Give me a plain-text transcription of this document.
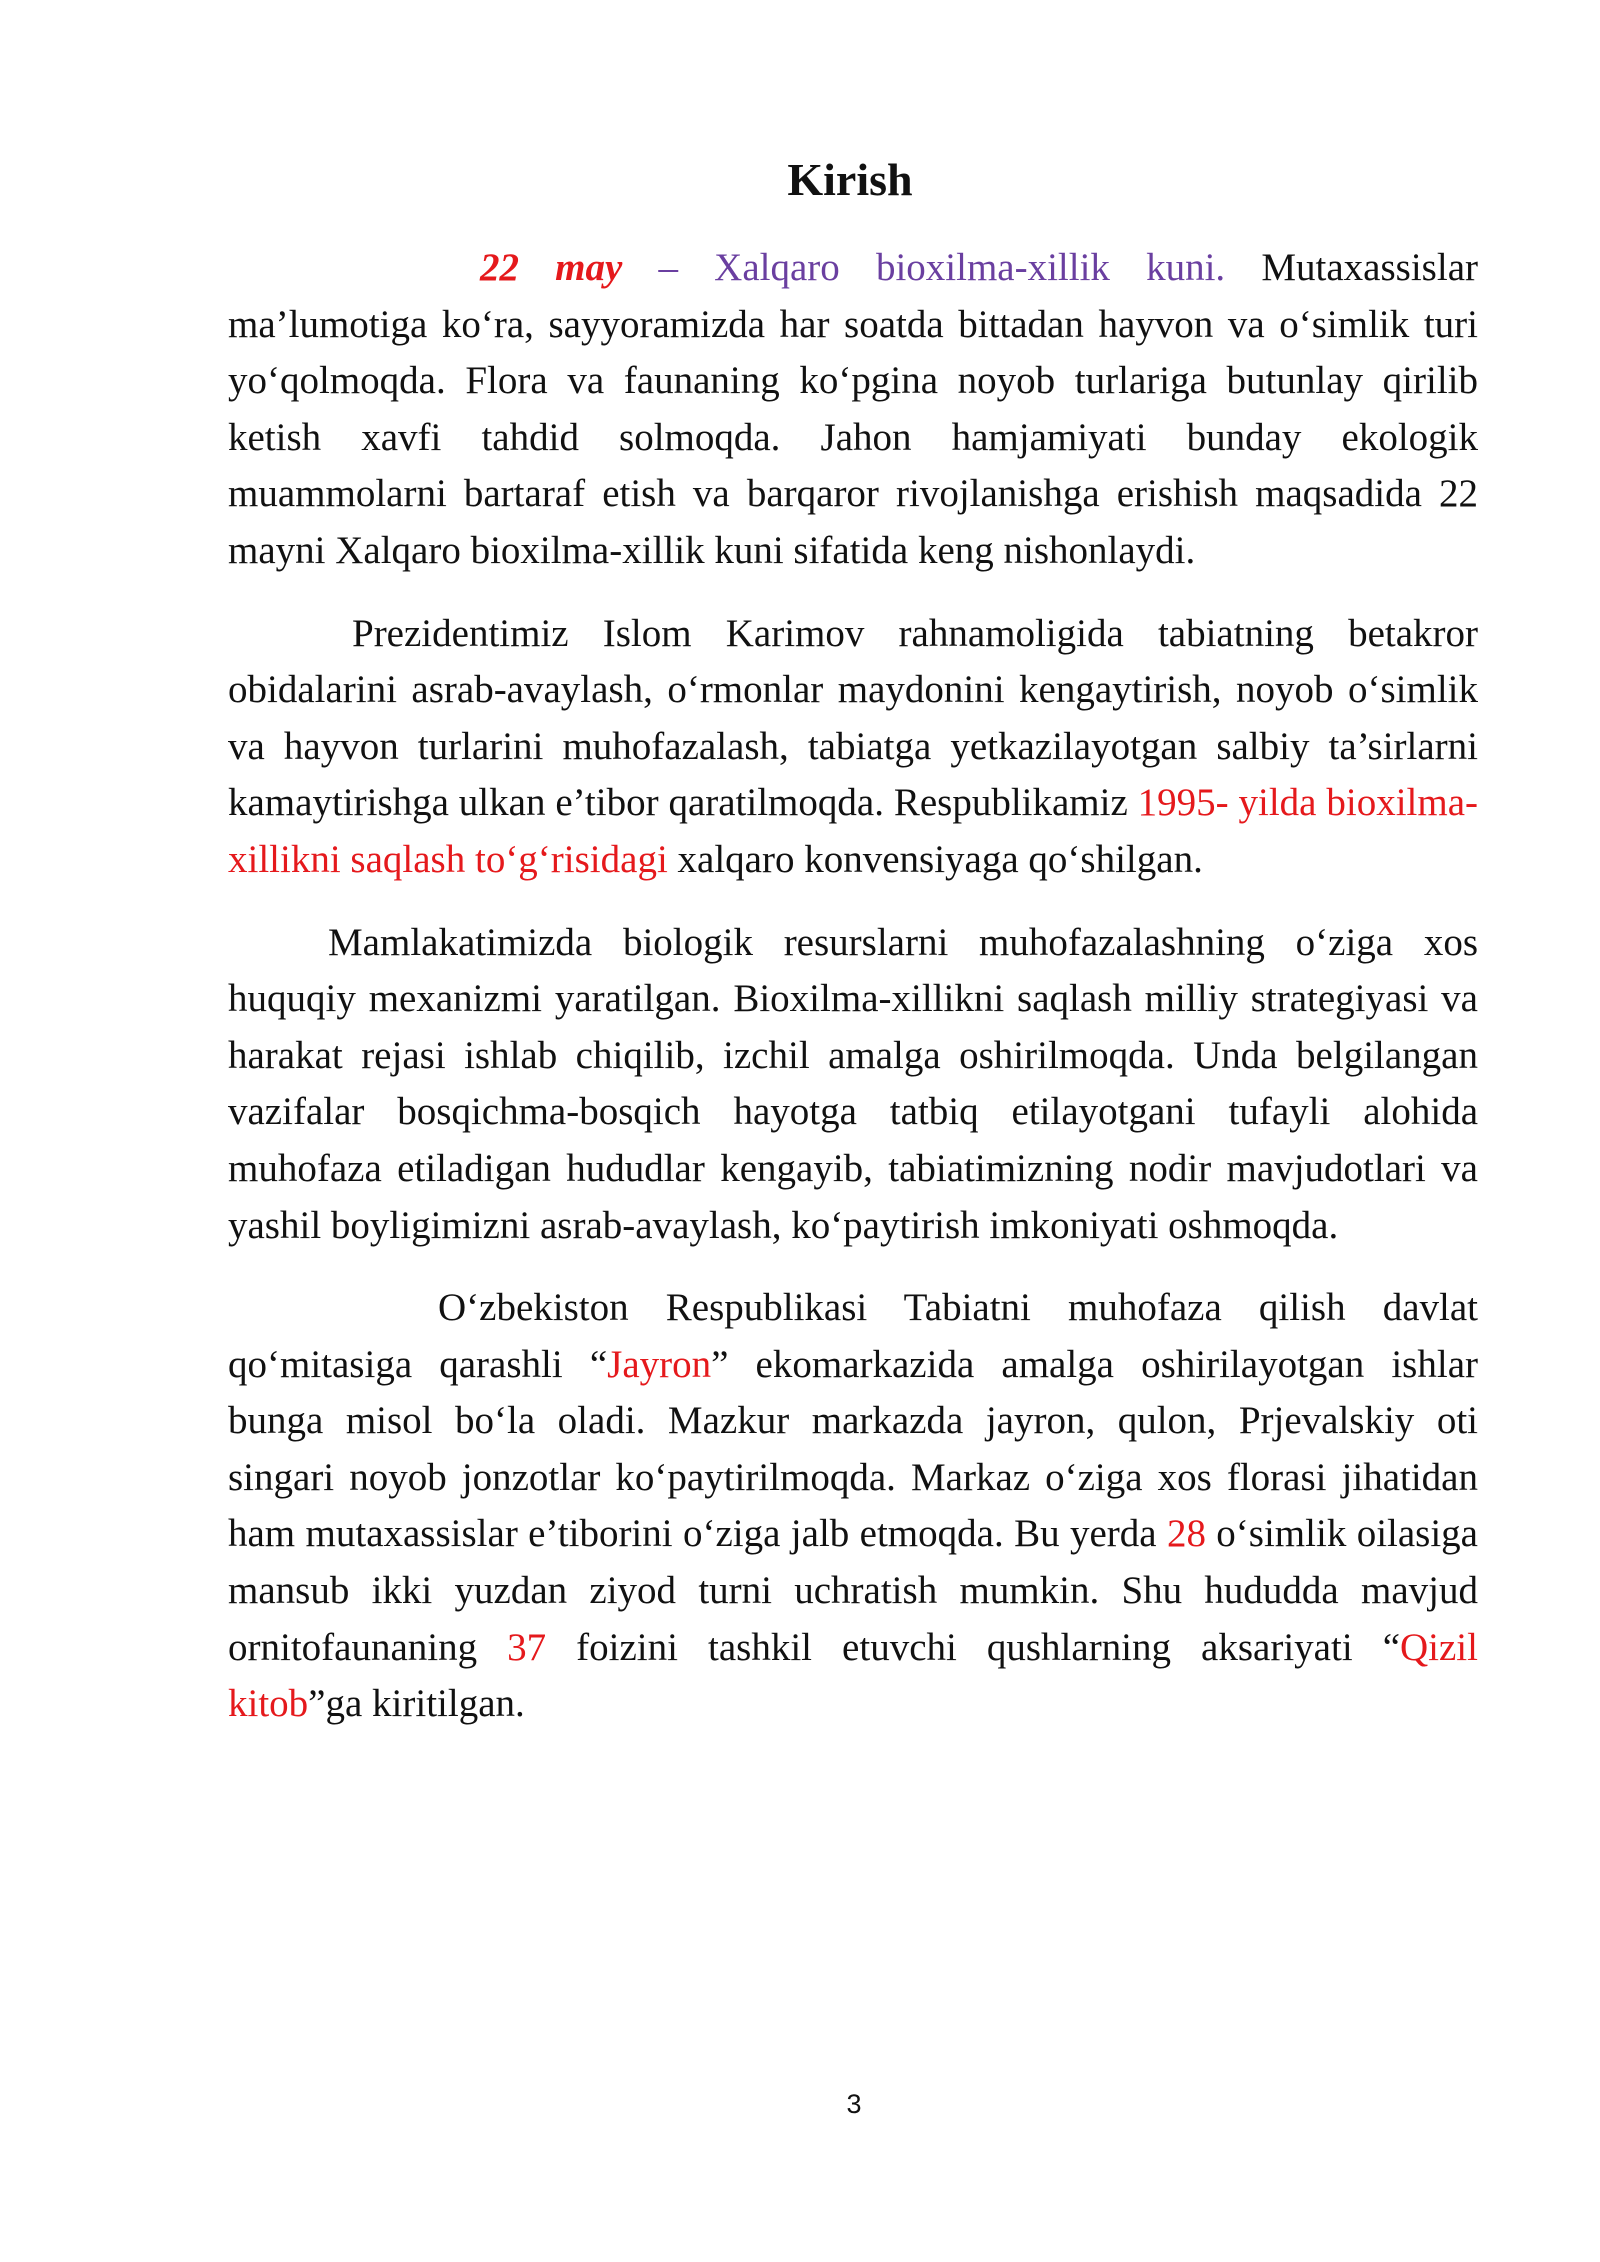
Kirish

22 may – Xalqaro bioxilma-xillik kuni. Mutaxassislar ma’lumotiga ko‘ra, sayyoramizda har soatda bittadan hayvon va o‘simlik turi yo‘qolmoqda. Flora va faunaning ko‘pgina noyob turlariga butunlay qirilib ketish xavfi tahdid solmoqda. Jahon hamjamiyati bunday ekologik muammolarni bartaraf etish va barqaror rivojlanishga erishish maqsadida 22 mayni Xalqaro bioxilma-xillik kuni sifatida keng nishonlaydi.

Prezidentimiz Islom Karimov rahnamoligida tabiatning betakror obidalarini asrab-avaylash, o‘rmonlar maydonini kengaytirish, noyob o‘simlik va hayvon turlarini muhofazalash, tabiatga yetkazilayotgan salbiy ta’sirlarni kamaytirishga ulkan e’tibor qaratilmoqda. Respublikamiz 1995- yilda bioxilma-xillikni saqlash to‘g‘risidagi xalqaro konvensiyaga qo‘shilgan.

Mamlakatimizda biologik resurslarni muhofazalashning o‘ziga xos huquqiy mexanizmi yaratilgan. Bioxilma-xillikni saqlash milliy strategiyasi va harakat rejasi ishlab chiqilib, izchil amalga oshirilmoqda. Unda belgilangan vazifalar bosqichma-bosqich hayotga tatbiq etilayotgani tufayli alohida muhofaza etiladigan hududlar kengayib, tabiatimizning nodir mavjudotlari va yashil boyligimizni asrab-avaylash, ko‘paytirish imkoniyati oshmoqda.

O‘zbekiston Respublikasi Tabiatni muhofaza qilish davlat qo‘mitasiga qarashli “Jayron” ekomarkazida amalga oshirilayotgan ishlar bunga misol bo‘la oladi. Mazkur markazda jayron, qulon, Prjevalskiy oti singari noyob jonzotlar ko‘paytirilmoqda. Markaz o‘ziga xos florasi jihatidan ham mutaxassislar e’tiborini o‘ziga jalb etmoqda. Bu yerda 28 o‘simlik oilasiga mansub ikki yuzdan ziyod turni uchratish mumkin. Shu hududda mavjud ornitofaunaning 37 foizini tashkil etuvchi qushlarning aksariyati “Qizil kitob”ga kiritilgan.

3
